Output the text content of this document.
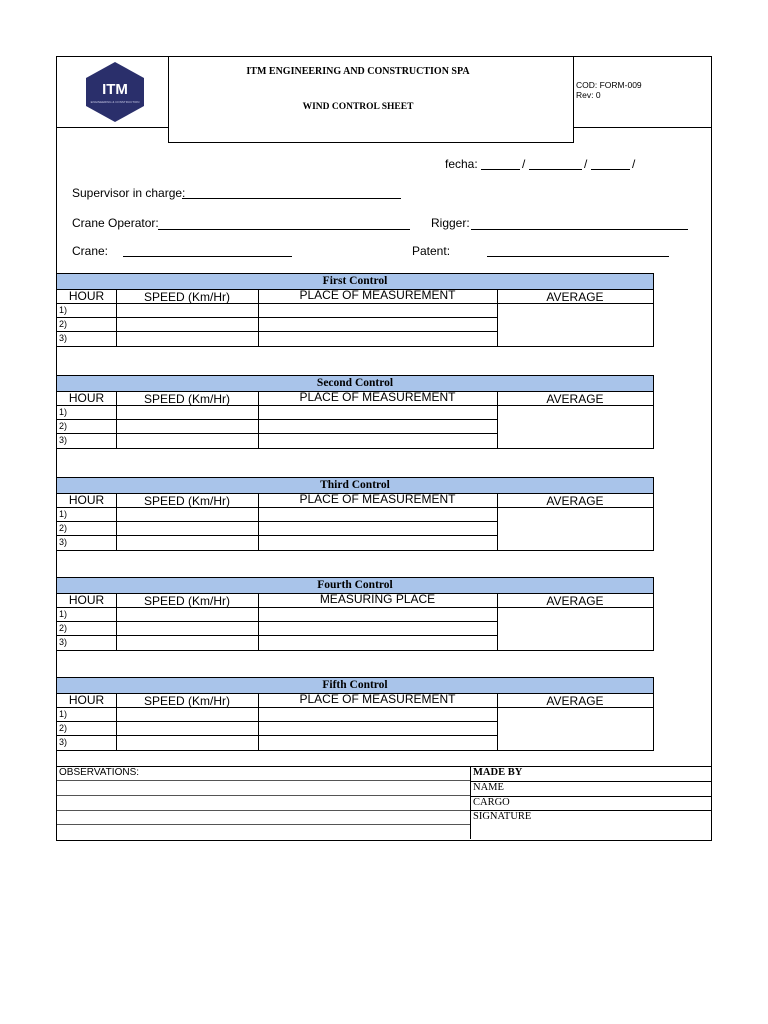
ITM
ENGINEERING & CONSTRUCTION
ITM ENGINEERING AND CONSTRUCTION SPA
WIND CONTROL SHEET
COD: FORM-009
Rev: 0
fecha:	/	/	/
Supervisor in charge:
Crane Operator:	Rigger:
Crane:	Patent:
First Control
HOUR	SPEED (Km/Hr)	PLACE OF MEASUREMENT	AVERAGE
1)
2)
3)
Second Control
HOUR	SPEED (Km/Hr)	PLACE OF MEASUREMENT	AVERAGE
1)
2)
3)
Third Control
HOUR	SPEED (Km/Hr)	PLACE OF MEASUREMENT	AVERAGE
1)
2)
3)
Fourth Control
HOUR	SPEED (Km/Hr)	MEASURING PLACE	AVERAGE
1)
2)
3)
Fifth Control
HOUR	SPEED (Km/Hr)	PLACE OF MEASUREMENT	AVERAGE
1)
2)
3)
OBSERVATIONS:	MADE BY
NAME
CARGO
SIGNATURE
